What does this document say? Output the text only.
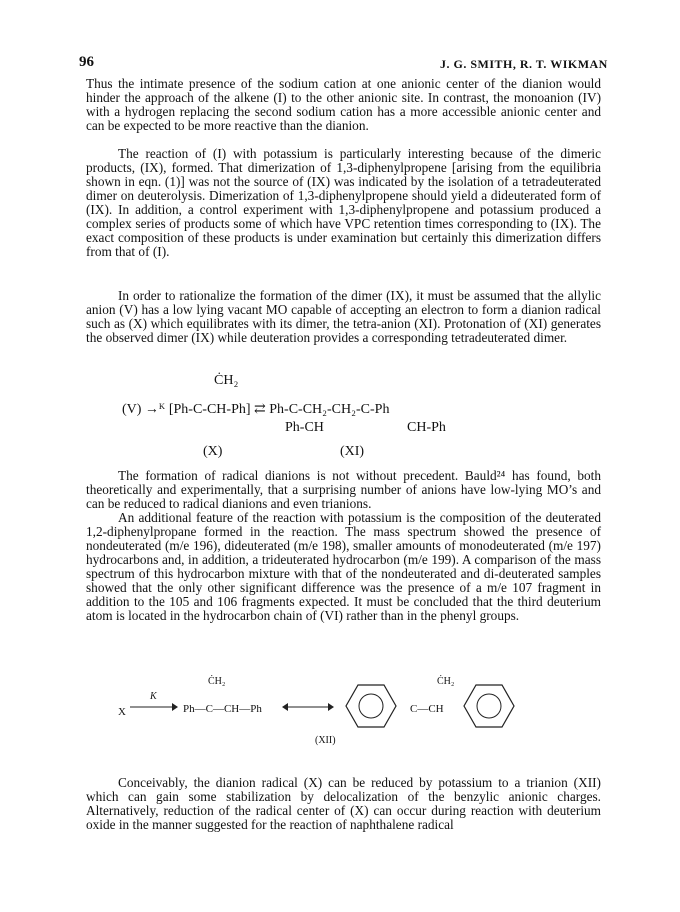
96	J. G. SMITH, R. T. WIKMAN

Thus the intimate presence of the sodium cation at one anionic center of the dianion would hinder the approach of the alkene (I) to the other anionic site. In contrast, the monoanion (IV) with a hydrogen replacing the second sodium cation has a more accessible anionic center and can be expected to be more reactive than the dianion.

The reaction of (I) with potassium is particularly interesting because of the dimeric products, (IX), formed. That dimerization of 1,3-diphenylpropene [arising from the equilibria shown in eqn. (1)] was not the source of (IX) was indicated by the isolation of a tetradeuterated dimer on deuterolysis. Dimerization of 1,3-diphenylpropene should yield a dideuterated form of (IX). In addition, a control experiment with 1,3-diphenylpropene and potassium produced a complex series of products some of which have VPC retention times corresponding to (IX). The exact composition of these products is under examination but certainly this dimerization differs from that of (I).

In order to rationalize the formation of the dimer (IX), it must be assumed that the allylic anion (V) has a low lying vacant MO capable of accepting an electron to form a dianion radical such as (X) which equilibrates with its dimer, the tetra-anion (XI). Protonation of (XI) generates the observed dimer (IX) while deuteration provides a corresponding tetradeuterated dimer.

ĊH₂
(V) →ᴷ [Ph-C-CH-Ph] ⇄ Ph-C-CH₂-CH₂-C-Ph
Ph-CH	CH-Ph
(X)	(XI)

The formation of radical dianions is not without precedent. Bauld²⁴ has found, both theoretically and experimentally, that a surprising number of anions have low-lying MO’s and can be reduced to radical dianions and even trianions.

An additional feature of the reaction with potassium is the composition of the deuterated 1,2-diphenylpropane formed in the reaction. The mass spectrum showed the presence of nondeuterated (m/e 196), dideuterated (m/e 198), smaller amounts of monodeuterated (m/e 197) hydrocarbons and, in addition, a trideuterated hydrocarbon (m/e 199). A comparison of the mass spectrum of this hydrocarbon mixture with that of the nondeuterated and di-deuterated samples showed that the only other significant difference was the presence of a m/e 107 fragment in addition to the 105 and 106 fragments expected. It must be concluded that the third deuterium atom is located in the hydrocarbon chain of (VI) rather than in the phenyl groups.

X
K
ĊH₂
Ph—C—CH—Ph
ĊH₂
C—CH
(XII)

Conceivably, the dianion radical (X) can be reduced by potassium to a trianion (XII) which can gain some stabilization by delocalization of the benzylic anionic charges. Alternatively, reduction of the radical center of (X) can occur during reaction with deuterium oxide in the manner suggested for the reaction of naphthalene radical
